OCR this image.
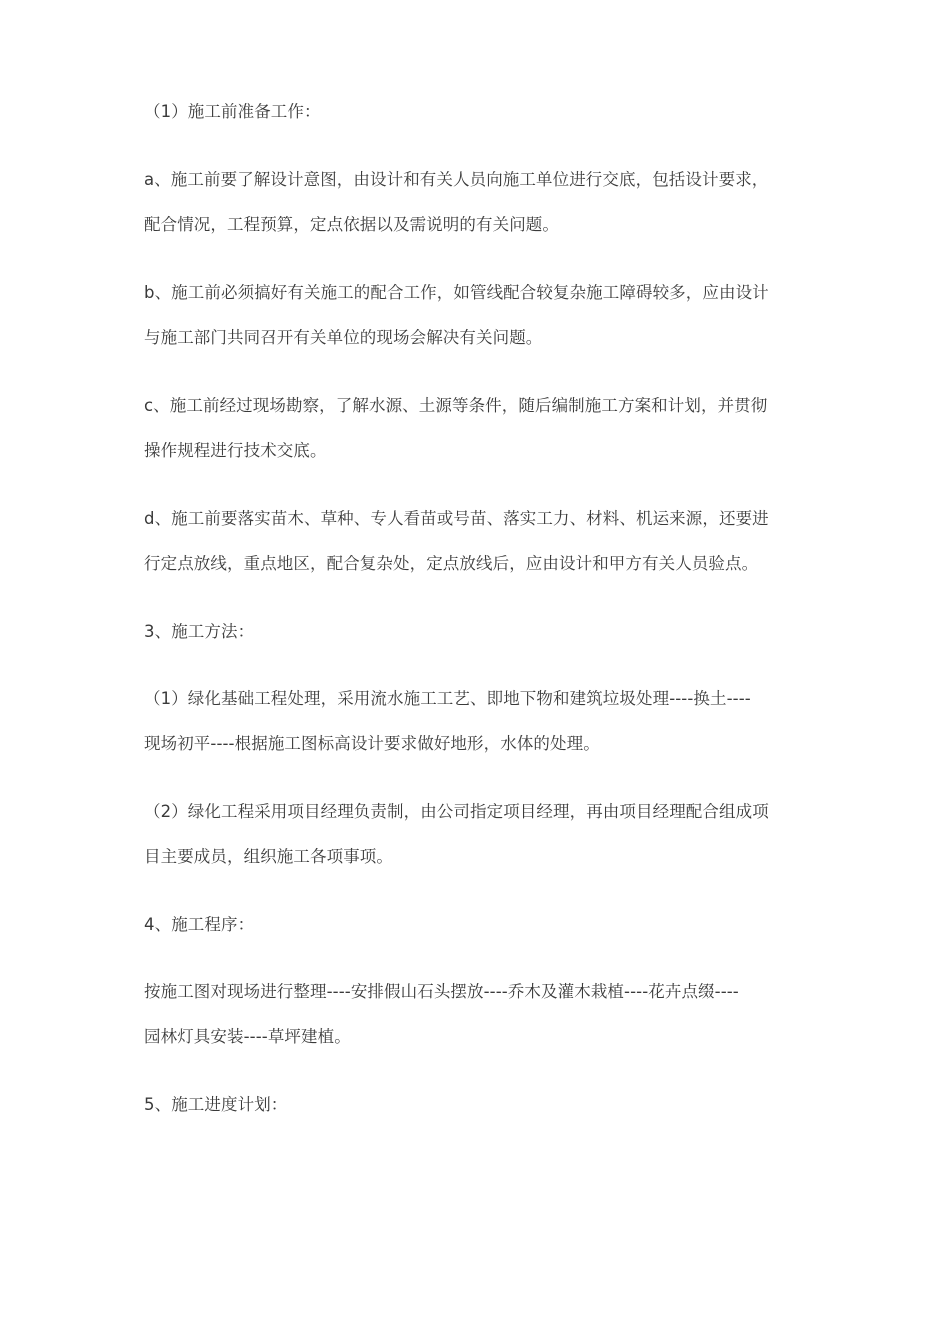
（1）施工前准备工作：
a、施工前要了解设计意图，由设计和有关人员向施工单位进行交底，包括设计要求，
配合情况，工程预算，定点依据以及需说明的有关问题。
b、施工前必须搞好有关施工的配合工作，如管线配合较复杂施工障碍较多，应由设计
与施工部门共同召开有关单位的现场会解决有关问题。
c、施工前经过现场勘察，了解水源、土源等条件，随后编制施工方案和计划，并贯彻
操作规程进行技术交底。
d、施工前要落实苗木、草种、专人看苗或号苗、落实工力、材料、机运来源，还要进
行定点放线，重点地区，配合复杂处，定点放线后，应由设计和甲方有关人员验点。
3、施工方法：
（1）绿化基础工程处理，采用流水施工工艺、即地下物和建筑垃圾处理----换土----
现场初平----根据施工图标高设计要求做好地形，水体的处理。
（2）绿化工程采用项目经理负责制，由公司指定项目经理，再由项目经理配合组成项
目主要成员，组织施工各项事项。
4、施工程序：
按施工图对现场进行整理----安排假山石头摆放----乔木及灌木栽植----花卉点缀----
园林灯具安装----草坪建植。
5、施工进度计划：
